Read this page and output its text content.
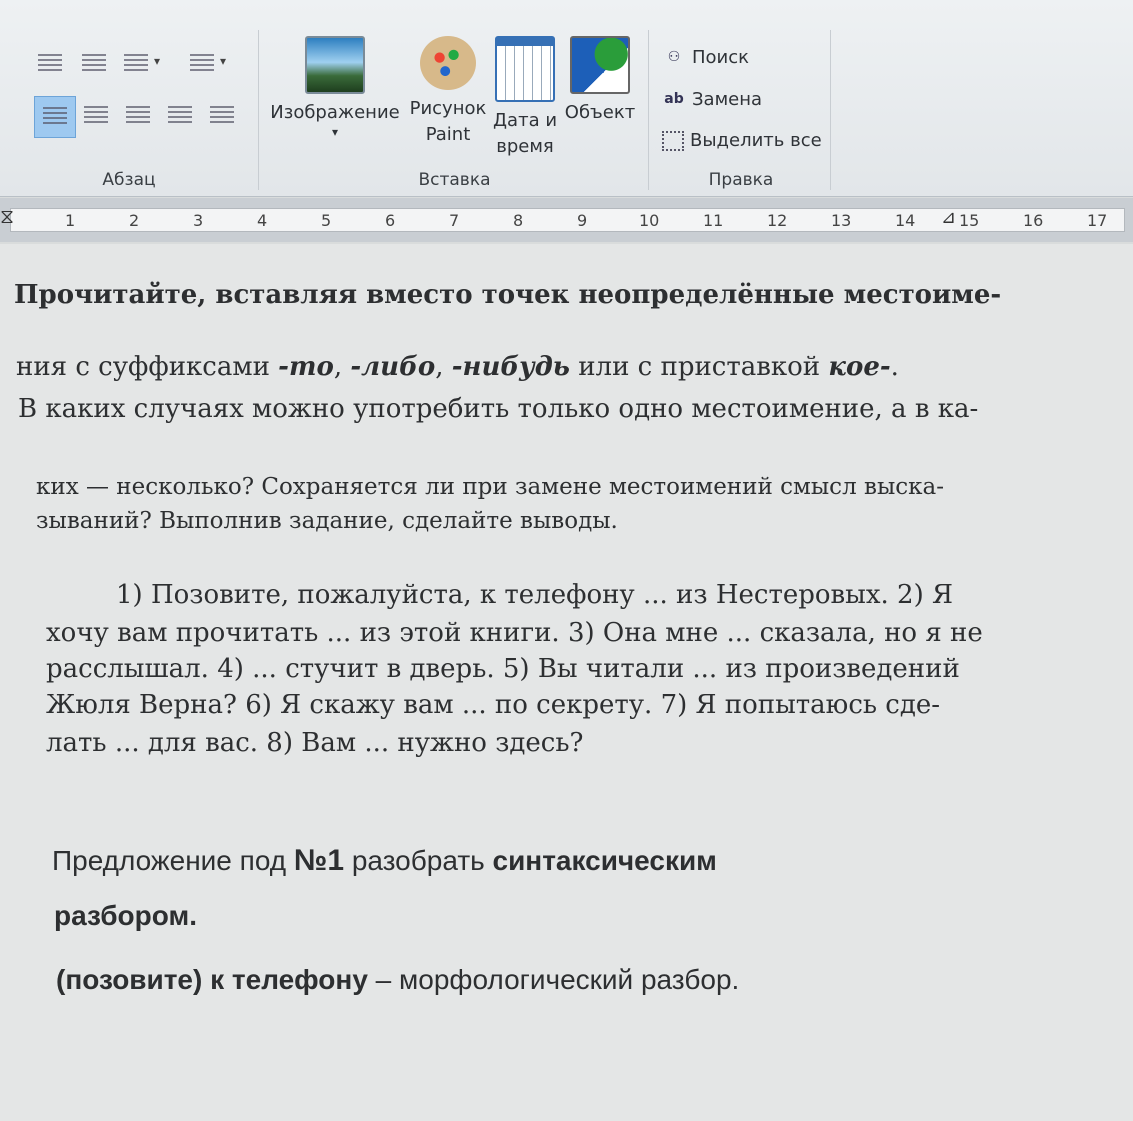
▾	▾
Абзац
Изображение
▾
Рисунок
Paint
Дата и
время
Объект
Вставка	Правка
⚇ Поиск
ab Замена
Выделить все
1	2	3	4	5	6	7	8	9	10	11	12	13	14	15	16	17
⊿
⧖
Прочитайте, вставляя вместо точек неопределённые местоиме-
ния с суффиксами -то, -либо, -нибудь или с приставкой кое-.
В каких случаях можно употребить только одно местоимение, а в ка-
ких — несколько? Сохраняется ли при замене местоимений смысл выска-
зываний? Выполнив задание, сделайте выводы.
1) Позовите, пожалуйста, к телефону ... из Нестеровых. 2) Я
хочу вам прочитать ... из этой книги. 3) Она мне ... сказала, но я не
расслышал. 4) ... стучит в дверь. 5) Вы читали ... из произведений
Жюля Верна? 6) Я скажу вам ... по секрету. 7) Я попытаюсь сде-
лать ... для вас. 8) Вам ... нужно здесь?
Предложение под №1 разобрать синтаксическим
разбором.
(позовите) к телефону – морфологический разбор.
